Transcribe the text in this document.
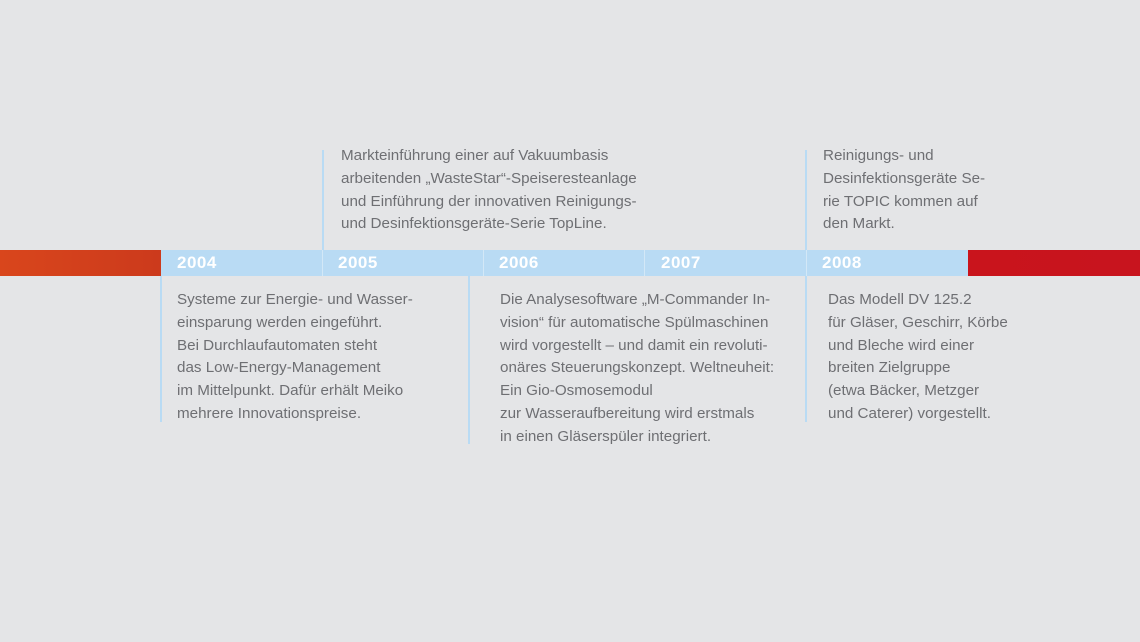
2004	2005	2006	2007	2008
Markteinführung einer auf Vakuumbasis
arbeitenden „WasteStar“-Speiseresteanlage
und Einführung der innovativen Reinigungs-
und Desinfektionsgeräte-Serie TopLine.
Reinigungs- und
Desinfektionsgeräte Se-
rie TOPIC kommen auf
den Markt.
Systeme zur Energie- und Wasser-
einsparung werden eingeführt.
Bei Durchlaufautomaten steht
das Low-Energy-Management
im Mittelpunkt. Dafür erhält Meiko
mehrere Innovationspreise.
Die Analysesoftware „M-Commander In-
vision“ für automatische Spülmaschinen
wird vorgestellt – und damit ein revoluti-
onäres Steuerungskonzept. Weltneuheit:
Ein Gio-Osmosemodul
zur Wasseraufbereitung wird erstmals
in einen Gläserspüler integriert.
Das Modell DV 125.2
für Gläser, Geschirr, Körbe
und Bleche wird einer
breiten Zielgruppe
(etwa Bäcker, Metzger
und Caterer) vorgestellt.
